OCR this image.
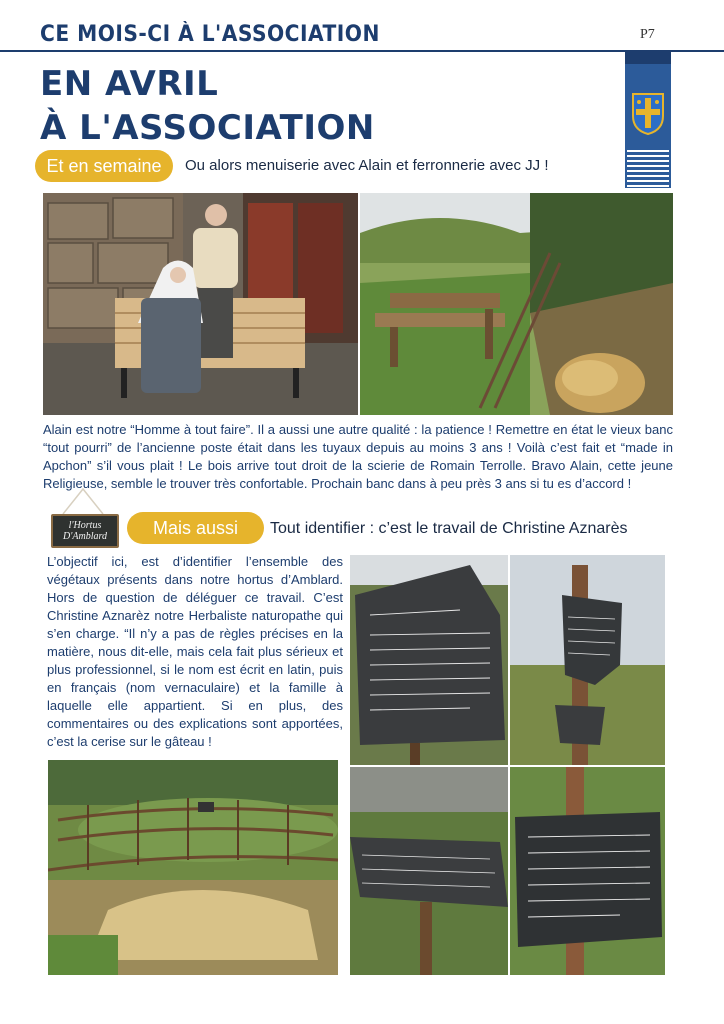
CE MOIS-CI À L'ASSOCIATION	P7
EN AVRIL
À L'ASSOCIATION
Et en semaine	Ou alors menuiserie avec Alain et ferronnerie avec JJ !
Alain est notre “Homme à tout faire”. Il a aussi une autre qualité : la patience ! Remettre en état le vieux banc “tout pourri” de l’ancienne poste était dans les tuyaux depuis au moins 3 ans ! Voilà c’est fait et “made in Apchon” s’il vous plait ! Le bois arrive tout droit de la scierie de Romain Terrolle. Bravo Alain, cette jeune Religieuse, semble le trouver très confortable. Prochain banc dans à peu près 3 ans si tu es d’accord !
l'Hortus
D'Amblard	Mais aussi	Tout identifier : c’est le travail de Christine Aznarès
L’objectif ici, est d’identifier l’ensemble des végétaux présents dans notre hortus d’Amblard. Hors de question de déléguer ce travail. C’est Christine Aznarèz notre Herbaliste naturopathe qui s’en charge. “Il n’y a pas de règles précises en la matière, nous dit-elle, mais cela fait plus sérieux et plus professionnel, si le nom est écrit en latin, puis en français (nom vernaculaire) et la famille à laquelle elle appartient. Si en plus, des commentaires ou des explications sont apportées, c’est la cerise sur le gâteau !
